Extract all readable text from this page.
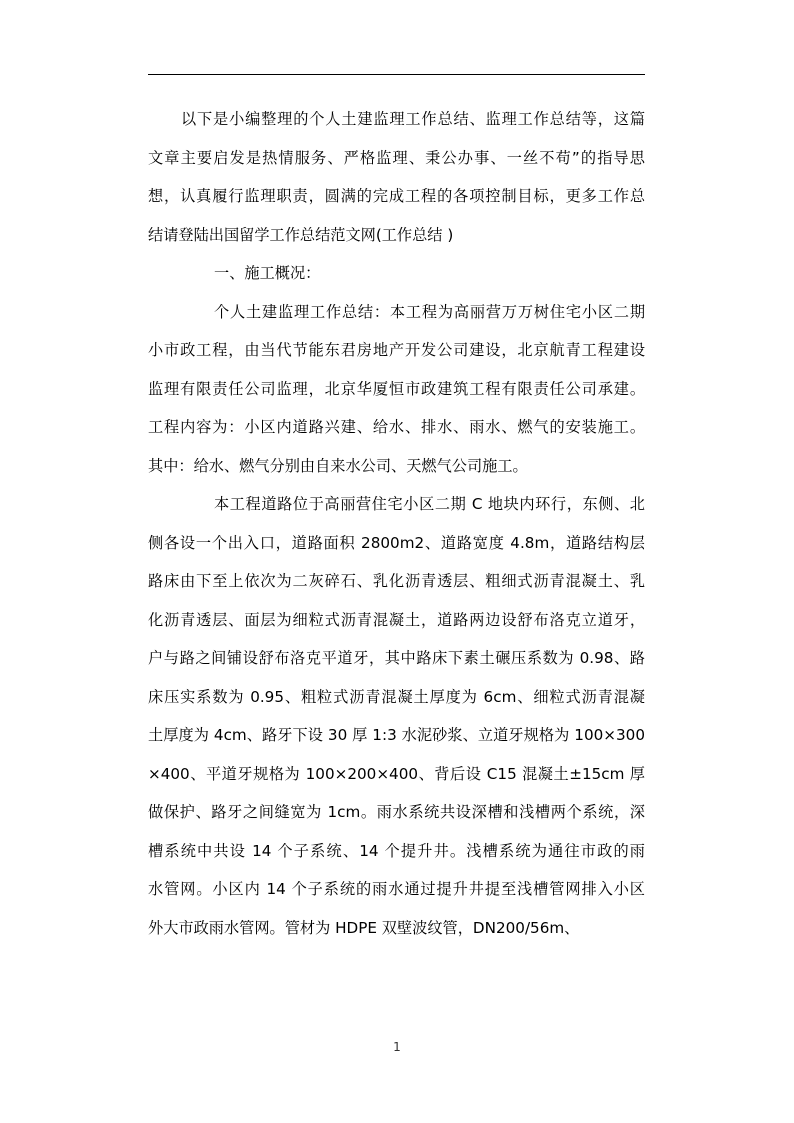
以下是小编整理的个人土建监理工作总结、监理工作总结等，这篇
文章主要启发是热情服务、严格监理、秉公办事、一丝不苟”的指导思
想，认真履行监理职责，圆满的完成工程的各项控制目标，更多工作总
结请登陆出国留学工作总结范文网(工作总结 )
一、施工概况：
个人土建监理工作总结：本工程为高丽营万万树住宅小区二期
小市政工程，由当代节能东君房地产开发公司建设，北京航青工程建设
监理有限责任公司监理，北京华厦恒市政建筑工程有限责任公司承建。
工程内容为：小区内道路兴建、给水、排水、雨水、燃气的安装施工。
其中：给水、燃气分别由自来水公司、天燃气公司施工。
本工程道路位于高丽营住宅小区二期 C 地块内环行，东侧、北
侧各设一个出入口，道路面积 2800m2、道路宽度 4.8m，道路结构层
路床由下至上依次为二灰碎石、乳化沥青透层、粗细式沥青混凝土、乳
化沥青透层、面层为细粒式沥青混凝土，道路两边设舒布洛克立道牙，
户与路之间铺设舒布洛克平道牙，其中路床下素土碾压系数为 0.98、路
床压实系数为 0.95、粗粒式沥青混凝土厚度为 6cm、细粒式沥青混凝
土厚度为 4cm、路牙下设 30 厚 1:3 水泥砂浆、立道牙规格为 100×300
×400、平道牙规格为 100×200×400、背后设 C15 混凝土±15cm 厚
做保护、路牙之间缝宽为 1cm。雨水系统共设深槽和浅槽两个系统，深
槽系统中共设 14 个子系统、14 个提升井。浅槽系统为通往市政的雨
水管网。小区内 14 个子系统的雨水通过提升井提至浅槽管网排入小区
外大市政雨水管网。管材为 HDPE 双壁波纹管，DN200/56m、
1
